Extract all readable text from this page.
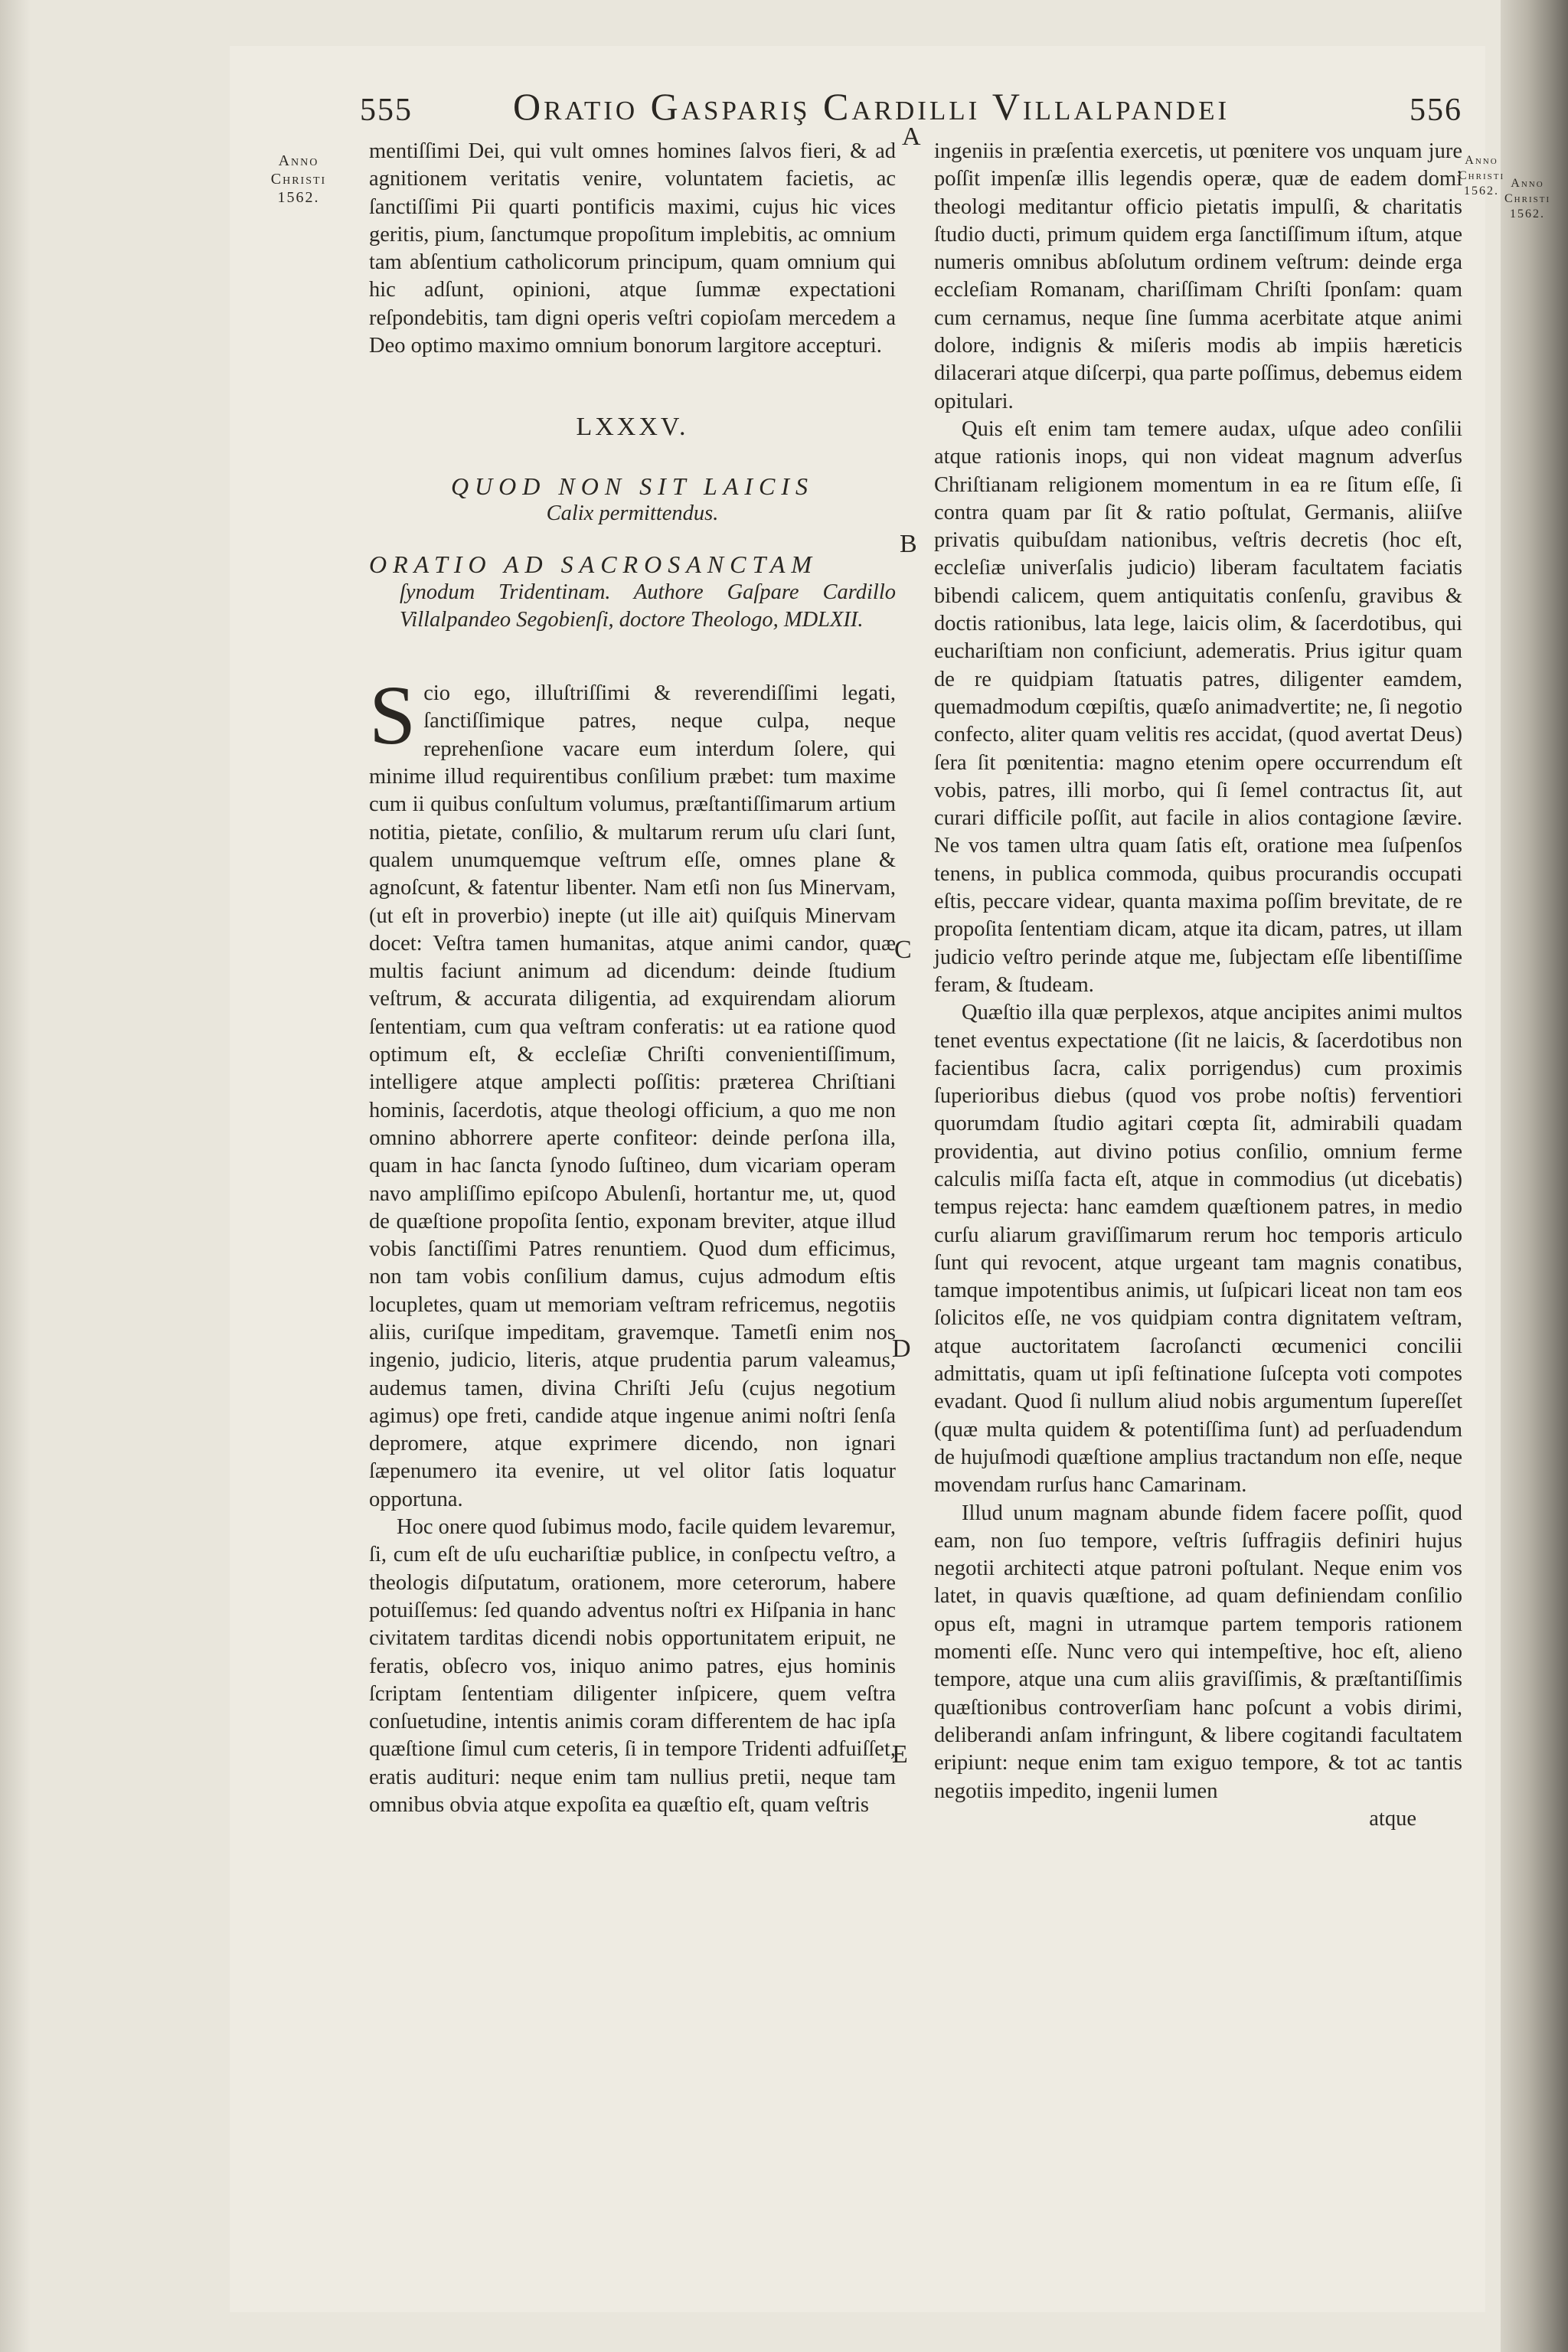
555	Oratio Gaspariş Cardilli Villalpandei	556
Anno Christi 1562.
Anno Christi 1562.
Anno Christi 1562.
A
B
C
D
E

mentiſſimi Dei, qui vult omnes homines ſalvos fieri, & ad agnitionem veritatis venire, voluntatem facietis, ac ſanctiſſimi Pii quarti pontificis maximi, cujus hic vices geritis, pium, ſanctumque propoſitum implebitis, ac omnium tam abſentium catholicorum principum, quam omnium qui hic adſunt, opinioni, atque ſummæ expectationi reſpondebitis, tam digni operis veſtri copioſam mercedem a Deo optimo maximo omnium bonorum largitore accepturi.

LXXXV.
QUOD NON SIT LAICIS
Calix permittendus.
ORATIO AD SACROSANCTAM
ſynodum Tridentinam. Authore Gaſpare Cardillo Villalpandeo Segobienſi, doctore Theologo, MDLXII.

Scio ego, illuſtriſſimi & reverendiſſimi legati, ſanctiſſimique patres, neque culpa, neque reprehenſione vacare eum interdum ſolere, qui minime illud requirentibus conſilium præbet: tum maxime cum ii quibus conſultum volumus, præſtantiſſimarum artium notitia, pietate, conſilio, & multarum rerum uſu clari ſunt, qualem unumquemque veſtrum eſſe, omnes plane & agnoſcunt, & fatentur libenter. Nam etſi non ſus Minervam, (ut eſt in proverbio) inepte (ut ille ait) quiſquis Minervam docet: Veſtra tamen humanitas, atque animi candor, quæ multis faciunt animum ad dicendum: deinde ſtudium veſtrum, & accurata diligentia, ad exquirendam aliorum ſententiam, cum qua veſtram conferatis: ut ea ratione quod optimum eſt, & eccleſiæ Chriſti convenientiſſimum, intelligere atque amplecti poſſitis: præterea Chriſtiani hominis, ſacerdotis, atque theologi officium, a quo me non omnino abhorrere aperte confiteor: deinde perſona illa, quam in hac ſancta ſynodo ſuſtineo, dum vicariam operam navo ampliſſimo epiſcopo Abulenſi, hortantur me, ut, quod de quæſtione propoſita ſentio, exponam breviter, atque illud vobis ſanctiſſimi Patres renuntiem. Quod dum efficimus, non tam vobis conſilium damus, cujus admodum eſtis locupletes, quam ut memoriam veſtram refricemus, negotiis aliis, curiſque impeditam, gravemque. Tametſi enim nos ingenio, judicio, literis, atque prudentia parum valeamus, audemus tamen, divina Chriſti Jeſu (cujus negotium agimus) ope freti, candide atque ingenue animi noſtri ſenſa depromere, atque exprimere dicendo, non ignari ſæpenumero ita evenire, ut vel olitor ſatis loquatur opportuna.

Hoc onere quod ſubimus modo, facile quidem levaremur, ſi, cum eſt de uſu euchariſtiæ publice, in conſpectu veſtro, a theologis diſputatum, orationem, more ceterorum, habere potuiſſemus: ſed quando adventus noſtri ex Hiſpania in hanc civitatem tarditas dicendi nobis opportunitatem eripuit, ne feratis, obſecro vos, iniquo animo patres, ejus hominis ſcriptam ſententiam diligenter inſpicere, quem veſtra conſuetudine, intentis animis coram differentem de hac ipſa quæſtione ſimul cum ceteris, ſi in tempore Tridenti adfuiſſet, eratis audituri: neque enim tam nullius pretii, neque tam omnibus obvia atque expoſita ea quæſtio eſt, quam veſtris

ingeniis in præſentia exercetis, ut pœnitere vos unquam jure poſſit impenſæ illis legendis operæ, quæ de eadem domi theologi meditantur officio pietatis impulſi, & charitatis ſtudio ducti, primum quidem erga ſanctiſſimum iſtum, atque numeris omnibus abſolutum ordinem veſtrum: deinde erga eccleſiam Romanam, chariſſimam Chriſti ſponſam: quam cum cernamus, neque ſine ſumma acerbitate atque animi dolore, indignis & miſeris modis ab impiis hæreticis dilacerari atque diſcerpi, qua parte poſſimus, debemus eidem opitulari.

Quis eſt enim tam temere audax, uſque adeo conſilii atque rationis inops, qui non videat magnum adverſus Chriſtianam religionem momentum in ea re ſitum eſſe, ſi contra quam par ſit & ratio poſtulat, Germanis, aliiſve privatis quibuſdam nationibus, veſtris decretis (hoc eſt, eccleſiæ univerſalis judicio) liberam facultatem faciatis bibendi calicem, quem antiquitatis conſenſu, gravibus & doctis rationibus, lata lege, laicis olim, & ſacerdotibus, qui euchariſtiam non conficiunt, ademeratis. Prius igitur quam de re quidpiam ſtatuatis patres, diligenter eamdem, quemadmodum cœpiſtis, quæſo animadvertite; ne, ſi negotio confecto, aliter quam velitis res accidat, (quod avertat Deus) ſera ſit pœnitentia: magno etenim opere occurrendum eſt vobis, patres, illi morbo, qui ſi ſemel contractus ſit, aut curari difficile poſſit, aut facile in alios contagione ſævire. Ne vos tamen ultra quam ſatis eſt, oratione mea ſuſpenſos tenens, in publica commoda, quibus procurandis occupati eſtis, peccare videar, quanta maxima poſſim brevitate, de re propoſita ſententiam dicam, atque ita dicam, patres, ut illam judicio veſtro perinde atque me, ſubjectam eſſe libentiſſime feram, & ſtudeam.

Quæſtio illa quæ perplexos, atque ancipites animi multos tenet eventus expectatione (ſit ne laicis, & ſacerdotibus non facientibus ſacra, calix porrigendus) cum proximis ſuperioribus diebus (quod vos probe noſtis) ferventiori quorumdam ſtudio agitari cœpta ſit, admirabili quadam providentia, aut divino potius conſilio, omnium ferme calculis miſſa facta eſt, atque in commodius (ut dicebatis) tempus rejecta: hanc eamdem quæſtionem patres, in medio curſu aliarum graviſſimarum rerum hoc temporis articulo ſunt qui revocent, atque urgeant tam magnis conatibus, tamque impotentibus animis, ut ſuſpicari liceat non tam eos ſolicitos eſſe, ne vos quidpiam contra dignitatem veſtram, atque auctoritatem ſacroſancti œcumenici concilii admittatis, quam ut ipſi feſtinatione ſuſcepta voti compotes evadant. Quod ſi nullum aliud nobis argumentum ſupereſſet (quæ multa quidem & potentiſſima ſunt) ad perſuadendum de hujuſmodi quæſtione amplius tractandum non eſſe, neque movendam rurſus hanc Camarinam.

Illud unum magnam abunde fidem facere poſſit, quod eam, non ſuo tempore, veſtris ſuffragiis definiri hujus negotii architecti atque patroni poſtulant. Neque enim vos latet, in quavis quæſtione, ad quam definiendam conſilio opus eſt, magni in utramque partem temporis rationem momenti eſſe. Nunc vero qui intempeſtive, hoc eſt, alieno tempore, atque una cum aliis graviſſimis, & præſtantiſſimis quæſtionibus controverſiam hanc poſcunt a vobis dirimi, deliberandi anſam infringunt, & libere cogitandi facultatem eripiunt: neque enim tam exiguo tempore, & tot ac tantis negotiis impedito, ingenii lumen

atque
